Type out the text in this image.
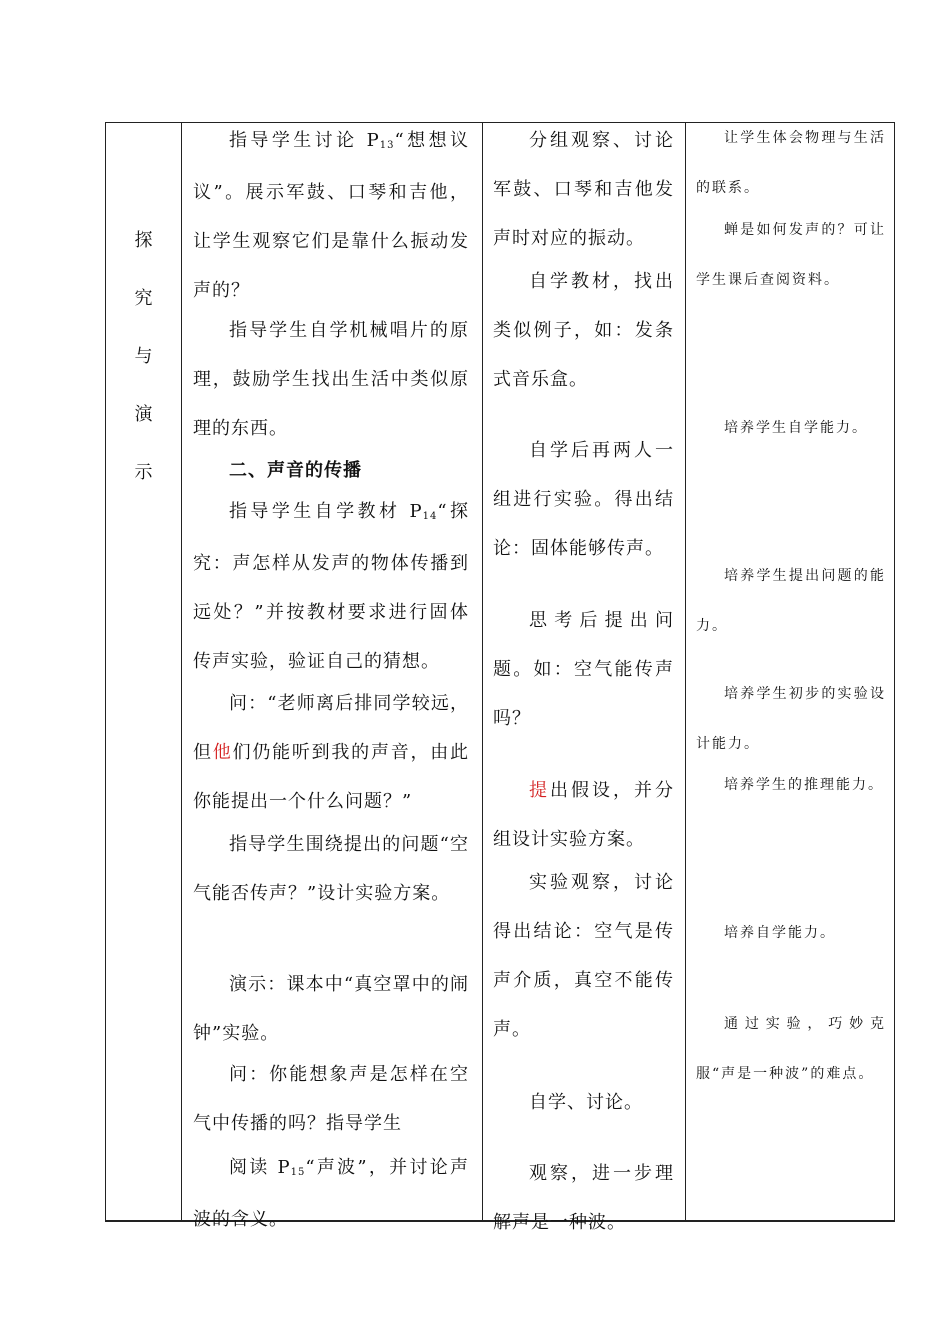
探
究
与
演
示

指导学生讨论 $P_{13}“$想想议议”。展示军鼓、口琴和吉他，让学生观察它们是靠什么振动发声的？

指导学生自学机械唱片的原理，鼓励学生找出生活中类似原理的东西。

二、声音的传播

指导学生自学教材 $P_{14}“$探究：声怎样从发声的物体传播到远处？”并按教材要求进行固体传声实验，验证自己的猜想。

问：“老师离后排同学较远，但他们仍能听到我的声音，由此你能提出一个什么问题？”

指导学生围绕提出的问题“空气能否传声？”设计实验方案。

演示：课本中“真空罩中的闹钟”实验。

问：你能想象声是怎样在空气中传播的吗？指导学生

阅读 $P_{15}“$声波”，并讨论声波的含义。

分组观察、讨论军鼓、口琴和吉他发声时对应的振动。

自学教材，找出类似例子，如：发条式音乐盒。

自学后再两人一组进行实验。得出结论：固体能够传声。

思考后提出问题。如：空气能传声吗？

提出假设，并分组设计实验方案。

实验观察，讨论得出结论：空气是传声介质，真空不能传声。

自学、讨论。

观察，进一步理解声是一种波。

让学生体会物理与生活的联系。

蝉是如何发声的？可让学生课后查阅资料。

培养学生自学能力。

培养学生提出问题的能力。

培养学生初步的实验设计能力。

培养学生的推理能力。

培养自学能力。

通过实验，巧妙克服“声是一种波”的难点。
